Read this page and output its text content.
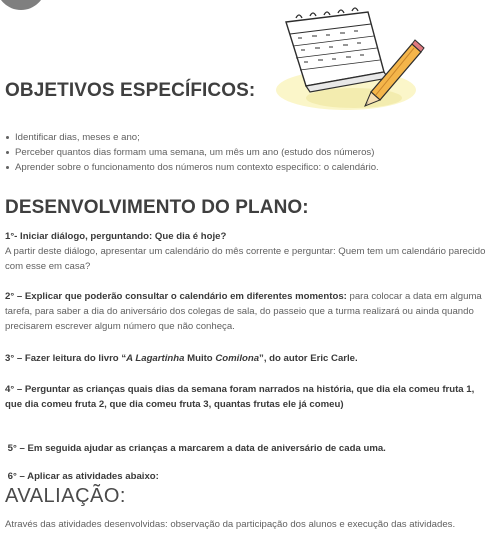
OBJETIVOS ESPECÍFICOS:
Identificar dias, meses e ano;
Perceber quantos dias formam uma semana, um mês um ano (estudo dos números)
Aprender sobre o funcionamento dos números num contexto especifico: o calendário.
DESENVOLVIMENTO DO PLANO:

1°- Iniciar diálogo, perguntando: Que dia é hoje?
A partir deste diálogo, apresentar um calendário do mês corrente e perguntar: Quem tem um calendário parecido com esse em casa?

2° – Explicar que poderão consultar o calendário em diferentes momentos: para colocar a data em alguma tarefa, para saber a dia do aniversário dos colegas de sala, do passeio que a turma realizará ou ainda quando precisarem escrever algum número que não conheça.

3° – Fazer leitura do livro “A Lagartinha Muito Comilona”, do autor Eric Carle.

4° – Perguntar as crianças quais dias da semana foram narrados na história, que dia ela comeu fruta 1, que dia comeu fruta 2, que dia comeu fruta 3, quantas frutas ele já comeu)

5° – Em seguida ajudar as crianças a marcarem a data de aniversário de cada uma.

6° – Aplicar as atividades abaixo:

AVALIAÇÃO:

Através das atividades desenvolvidas: observação da participação dos alunos e execução das atividades.
